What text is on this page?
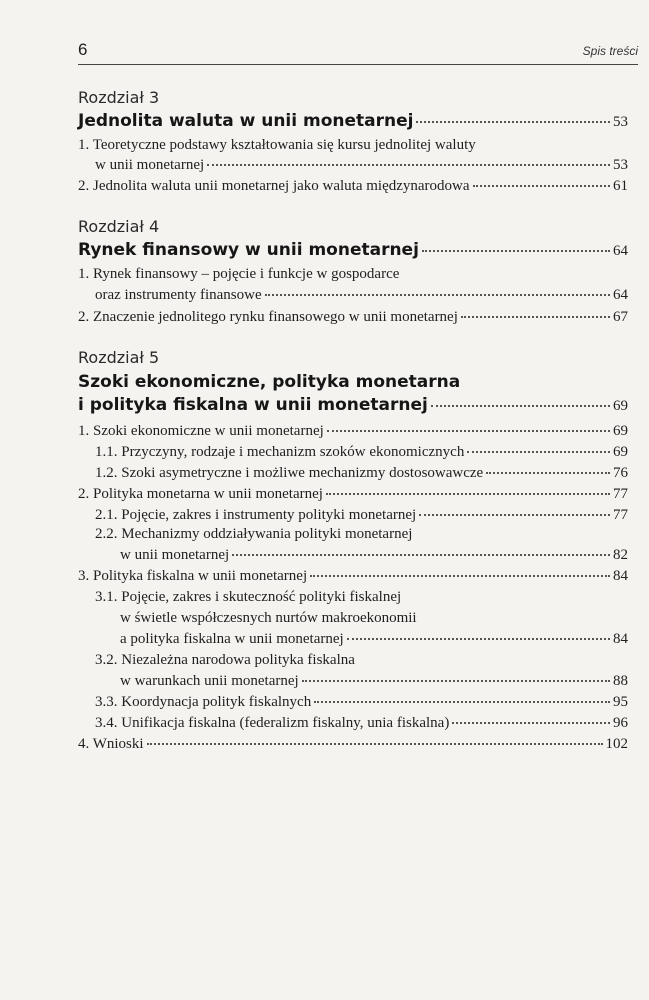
6	Spis treści
Rozdział 3
Jednolita waluta w unii monetarnej	53
1. Teoretyczne podstawy kształtowania się kursu jednolitej waluty
w unii monetarnej	53
2. Jednolita waluta unii monetarnej jako waluta międzynarodowa	61
Rozdział 4
Rynek finansowy w unii monetarnej	64
1. Rynek finansowy – pojęcie i funkcje w gospodarce
oraz instrumenty finansowe	64
2. Znaczenie jednolitego rynku finansowego w unii monetarnej	67
Rozdział 5
Szoki ekonomiczne, polityka monetarna
i polityka fiskalna w unii monetarnej	69
1. Szoki ekonomiczne w unii monetarnej	69
1.1. Przyczyny, rodzaje i mechanizm szoków ekonomicznych	69
1.2. Szoki asymetryczne i możliwe mechanizmy dostosowawcze	76
2. Polityka monetarna w unii monetarnej	77
2.1. Pojęcie, zakres i instrumenty polityki monetarnej	77
2.2. Mechanizmy oddziaływania polityki monetarnej
w unii monetarnej	82
3. Polityka fiskalna w unii monetarnej	84
3.1. Pojęcie, zakres i skuteczność polityki fiskalnej
w świetle współczesnych nurtów makroekonomii
a polityka fiskalna w unii monetarnej	84
3.2. Niezależna narodowa polityka fiskalna
w warunkach unii monetarnej	88
3.3. Koordynacja polityk fiskalnych	95
3.4. Unifikacja fiskalna (federalizm fiskalny, unia fiskalna)	96
4. Wnioski	102
